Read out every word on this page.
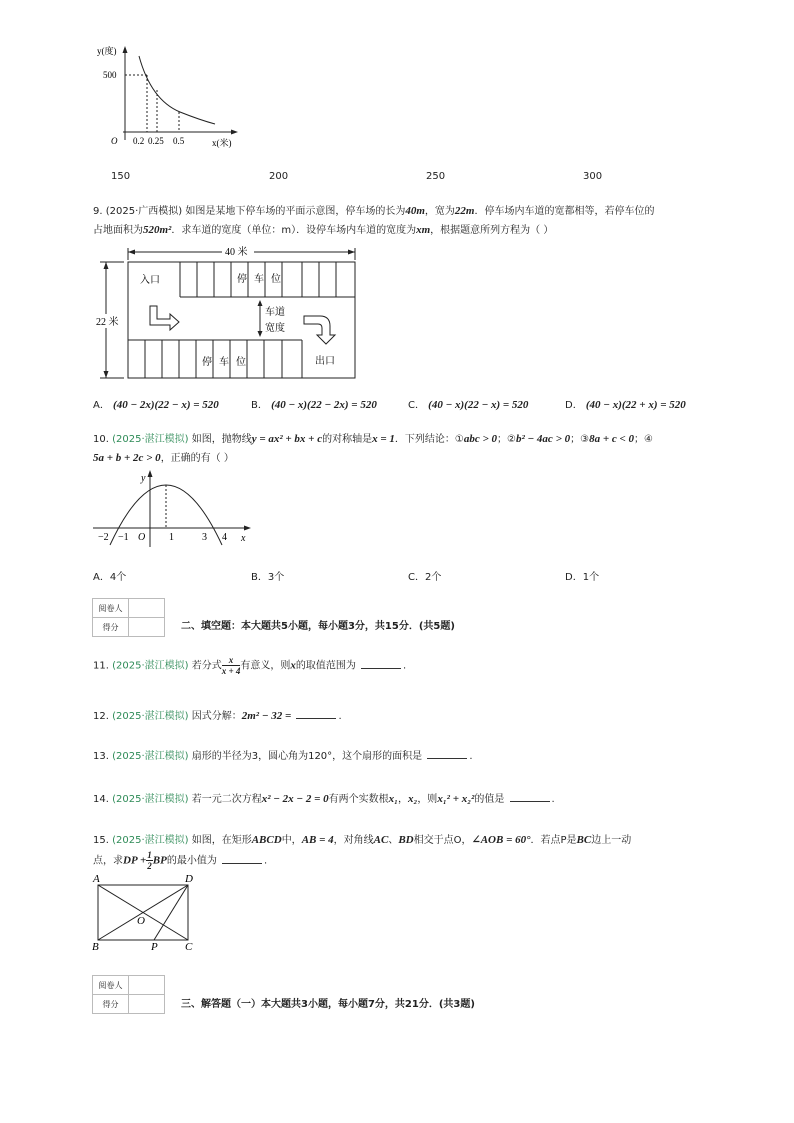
y(度)
500
O 0.2 0.25 0.5	x(米)
150	200	250	300
9. (2025·广西模拟) 如图是某地下停车场的平面示意图，停车场的长为40m，宽为22m．停车场内车道的宽都相等，若停车位的
占地面积为520m²．求车道的宽度（单位：m）．设停车场内车道的宽度为xm，根据题意所列方程为（ ）
40 米
22 米
入口	停 车 位
停 车 位	出口
车道
宽度
A． (40 − 2x)(22 − x) = 520	B． (40 − x)(22 − 2x) = 520	C． (40 − x)(22 − x) = 520	D． (40 − x)(22 + x) = 520
10. (2025·湛江模拟) 如图，抛物线y = ax² + bx + c的对称轴是x = 1．下列结论：①abc > 0；②b² − 4ac > 0；③8a + c < 0；④
5a + b + 2c > 0，正确的有（ ）
y
x
O
−2 −1	1	3 4
A．4个	B．3个	C．2个	D．1个
阅卷人	
得分		二、填空题：本大题共5小题，每小题3分，共15分．(共5题)
11. (2025·湛江模拟) 若分式 $\frac{x}{x + 4}$ 有意义，则x的取值范围为	.
12. (2025·湛江模拟) 因式分解：2m² − 32 =	.
13. (2025·湛江模拟) 扇形的半径为3，圆心角为120°，这个扇形的面积是	.
14. (2025·湛江模拟) 若一元二次方程x² − 2x − 2 = 0有两个实数根x₁，x₂，则x₁² + x₂²的值是	.
15. (2025·湛江模拟) 如图，在矩形ABCD中，AB = 4，对角线AC、BD相交于点O，∠AOB = 60°．若点P是BC边上一动
点，求DP + $\frac{1}{2}$ BP的最小值为	.
A	D
B	C
O
P
阅卷人	
得分		三、解答题（一）本大题共3小题，每小题7分，共21分．(共3题)
